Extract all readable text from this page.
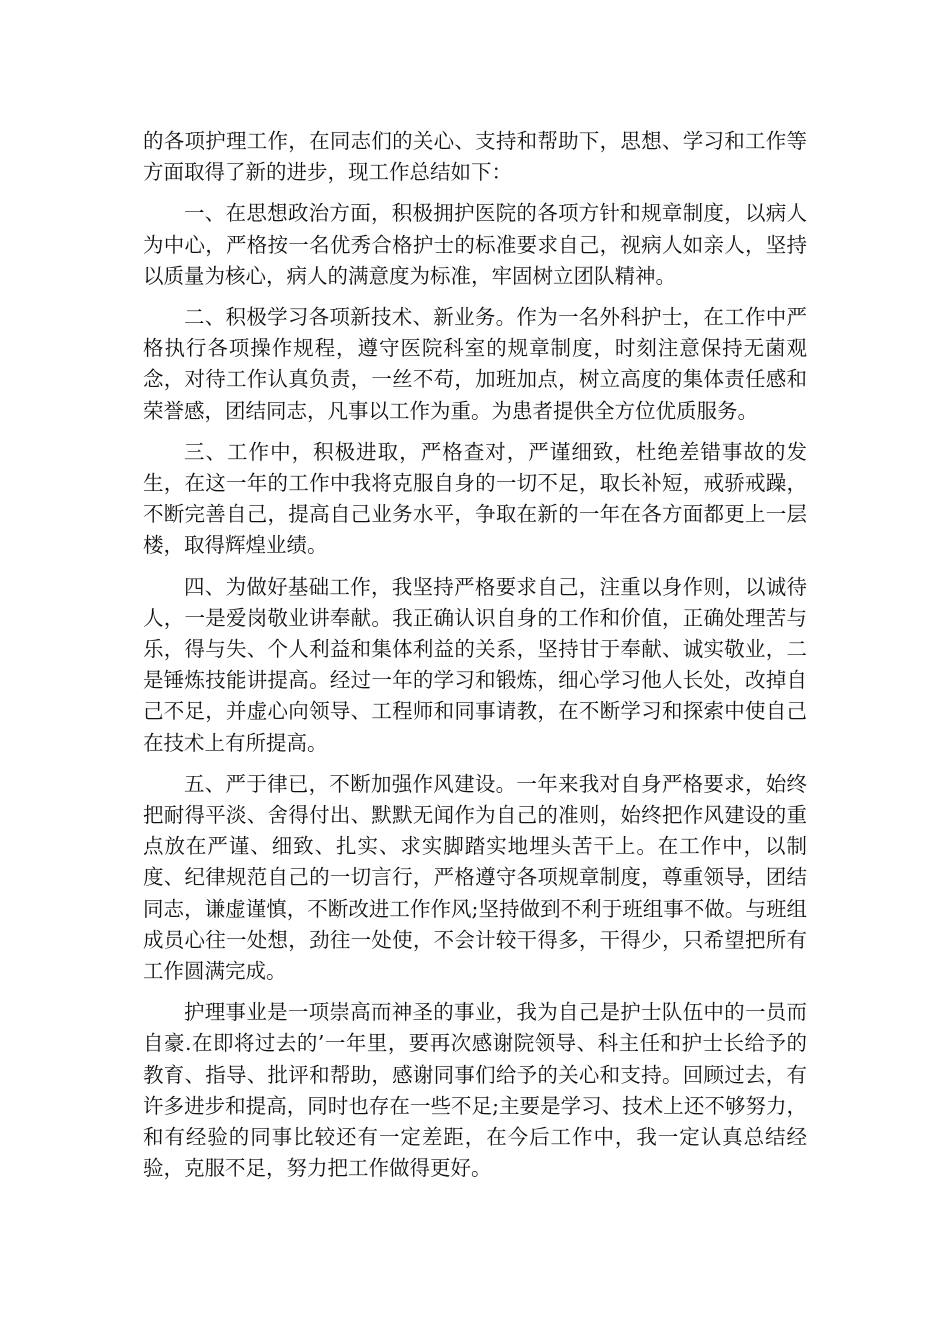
的各项护理工作，在同志们的关心、支持和帮助下，思想、学习和工作等方面取得了新的进步，现工作总结如下：

一、在思想政治方面，积极拥护医院的各项方针和规章制度，以病人为中心，严格按一名优秀合格护士的标准要求自己，视病人如亲人，坚持以质量为核心，病人的满意度为标准，牢固树立团队精神。

二、积极学习各项新技术、新业务。作为一名外科护士，在工作中严格执行各项操作规程，遵守医院科室的规章制度，时刻注意保持无菌观念，对待工作认真负责，一丝不苟，加班加点，树立高度的集体责任感和荣誉感，团结同志，凡事以工作为重。为患者提供全方位优质服务。

三、工作中，积极进取，严格查对，严谨细致，杜绝差错事故的发生，在这一年的工作中我将克服自身的一切不足，取长补短，戒骄戒躁，不断完善自己，提高自己业务水平，争取在新的一年在各方面都更上一层楼，取得辉煌业绩。

四、为做好基础工作，我坚持严格要求自己，注重以身作则，以诚待人，一是爱岗敬业讲奉献。我正确认识自身的工作和价值，正确处理苦与乐，得与失、个人利益和集体利益的关系，坚持甘于奉献、诚实敬业，二是锤炼技能讲提高。经过一年的学习和锻炼，细心学习他人长处，改掉自己不足，并虚心向领导、工程师和同事请教，在不断学习和探索中使自己在技术上有所提高。

五、严于律已，不断加强作风建设。一年来我对自身严格要求，始终把耐得平淡、舍得付出、默默无闻作为自己的准则，始终把作风建设的重点放在严谨、细致、扎实、求实脚踏实地埋头苦干上。在工作中，以制度、纪律规范自己的一切言行，严格遵守各项规章制度，尊重领导，团结同志，谦虚谨慎，不断改进工作作风;坚持做到不利于班组事不做。与班组成员心往一处想，劲往一处使，不会计较干得多，干得少，只希望把所有工作圆满完成。

护理事业是一项崇高而神圣的事业，我为自己是护士队伍中的一员而自豪.在即将过去的’一年里，要再次感谢院领导、科主任和护士长给予的教育、指导、批评和帮助，感谢同事们给予的关心和支持。回顾过去，有许多进步和提高，同时也存在一些不足;主要是学习、技术上还不够努力，和有经验的同事比较还有一定差距，在今后工作中，我一定认真总结经验，克服不足，努力把工作做得更好。
